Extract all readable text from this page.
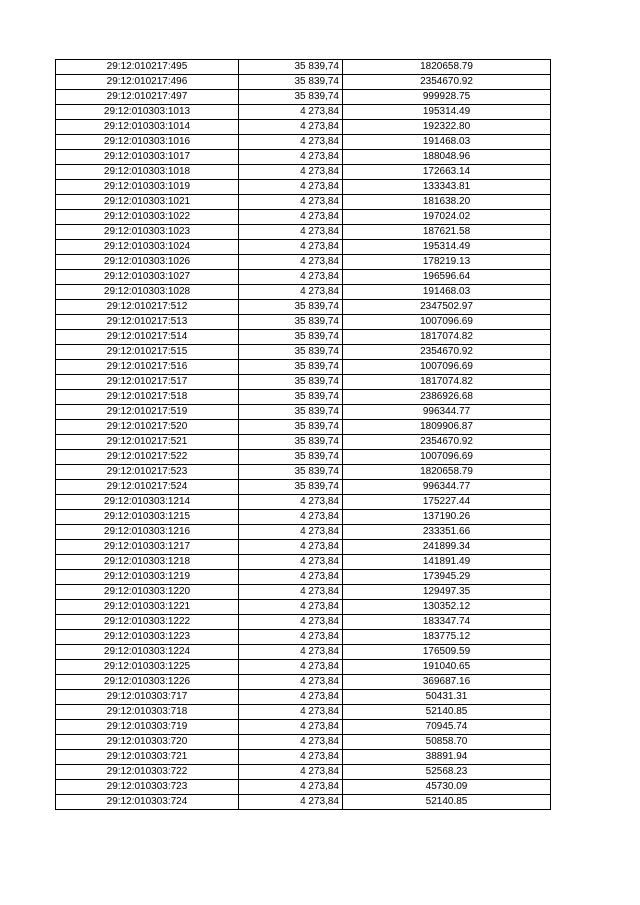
29:12:010217:495	35 839,74	1820658.79
29:12:010217:496	35 839,74	2354670.92
29:12:010217:497	35 839,74	999928.75
29:12:010303:1013	4 273,84	195314.49
29:12:010303:1014	4 273,84	192322.80
29:12:010303:1016	4 273,84	191468.03
29:12:010303:1017	4 273,84	188048.96
29:12:010303:1018	4 273,84	172663.14
29:12:010303:1019	4 273,84	133343.81
29:12:010303:1021	4 273,84	181638.20
29:12:010303:1022	4 273,84	197024.02
29:12:010303:1023	4 273,84	187621.58
29:12:010303:1024	4 273,84	195314.49
29:12:010303:1026	4 273,84	178219.13
29:12:010303:1027	4 273,84	196596.64
29:12:010303:1028	4 273,84	191468.03
29:12:010217:512	35 839,74	2347502.97
29:12:010217:513	35 839,74	1007096.69
29:12:010217:514	35 839,74	1817074.82
29:12:010217:515	35 839,74	2354670.92
29:12:010217:516	35 839,74	1007096.69
29:12:010217:517	35 839,74	1817074.82
29:12:010217:518	35 839,74	2386926.68
29:12:010217:519	35 839,74	996344.77
29:12:010217:520	35 839,74	1809906.87
29:12:010217:521	35 839,74	2354670.92
29:12:010217:522	35 839,74	1007096.69
29:12:010217:523	35 839,74	1820658.79
29:12:010217:524	35 839,74	996344.77
29:12:010303:1214	4 273,84	175227.44
29:12:010303:1215	4 273,84	137190.26
29:12:010303:1216	4 273,84	233351.66
29:12:010303:1217	4 273,84	241899.34
29:12:010303:1218	4 273,84	141891.49
29:12:010303:1219	4 273,84	173945.29
29:12:010303:1220	4 273,84	129497.35
29:12:010303:1221	4 273,84	130352.12
29:12:010303:1222	4 273,84	183347.74
29:12:010303:1223	4 273,84	183775.12
29:12:010303:1224	4 273,84	176509.59
29:12:010303:1225	4 273,84	191040.65
29:12:010303:1226	4 273,84	369687.16
29:12:010303:717	4 273,84	50431.31
29:12:010303:718	4 273,84	52140.85
29:12:010303:719	4 273,84	70945.74
29:12:010303:720	4 273,84	50858.70
29:12:010303:721	4 273,84	38891.94
29:12:010303:722	4 273,84	52568.23
29:12:010303:723	4 273,84	45730.09
29:12:010303:724	4 273,84	52140.85
